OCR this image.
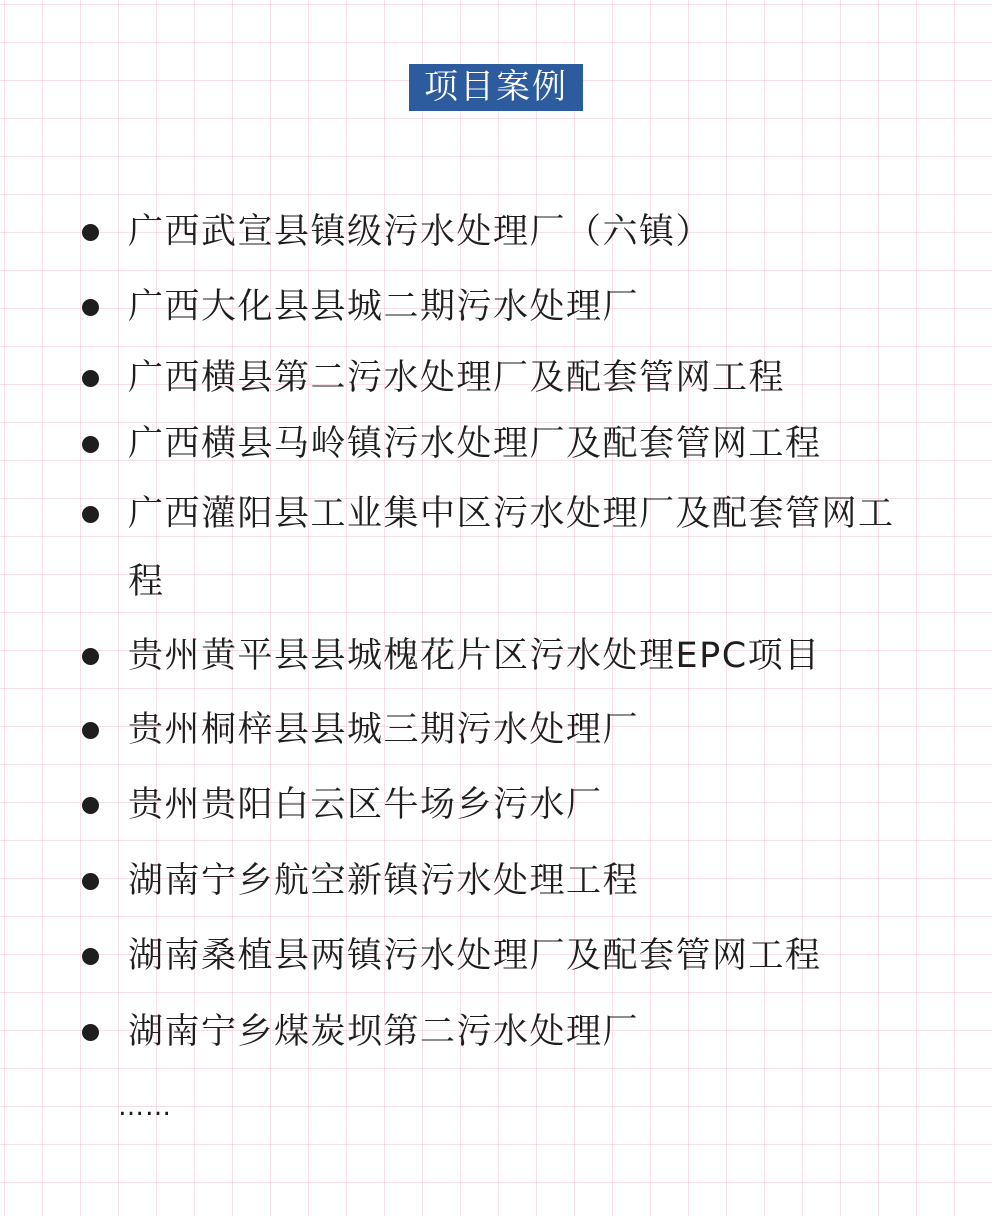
项目案例
广西武宣县镇级污水处理厂（六镇）
广西大化县县城二期污水处理厂
广西横县第二污水处理厂及配套管网工程
广西横县马岭镇污水处理厂及配套管网工程
广西灌阳县工业集中区污水处理厂及配套管网工程
贵州黄平县县城槐花片区污水处理EPC项目
贵州桐梓县县城三期污水处理厂
贵州贵阳白云区牛场乡污水厂
湖南宁乡航空新镇污水处理工程
湖南桑植县两镇污水处理厂及配套管网工程
湖南宁乡煤炭坝第二污水处理厂
……
